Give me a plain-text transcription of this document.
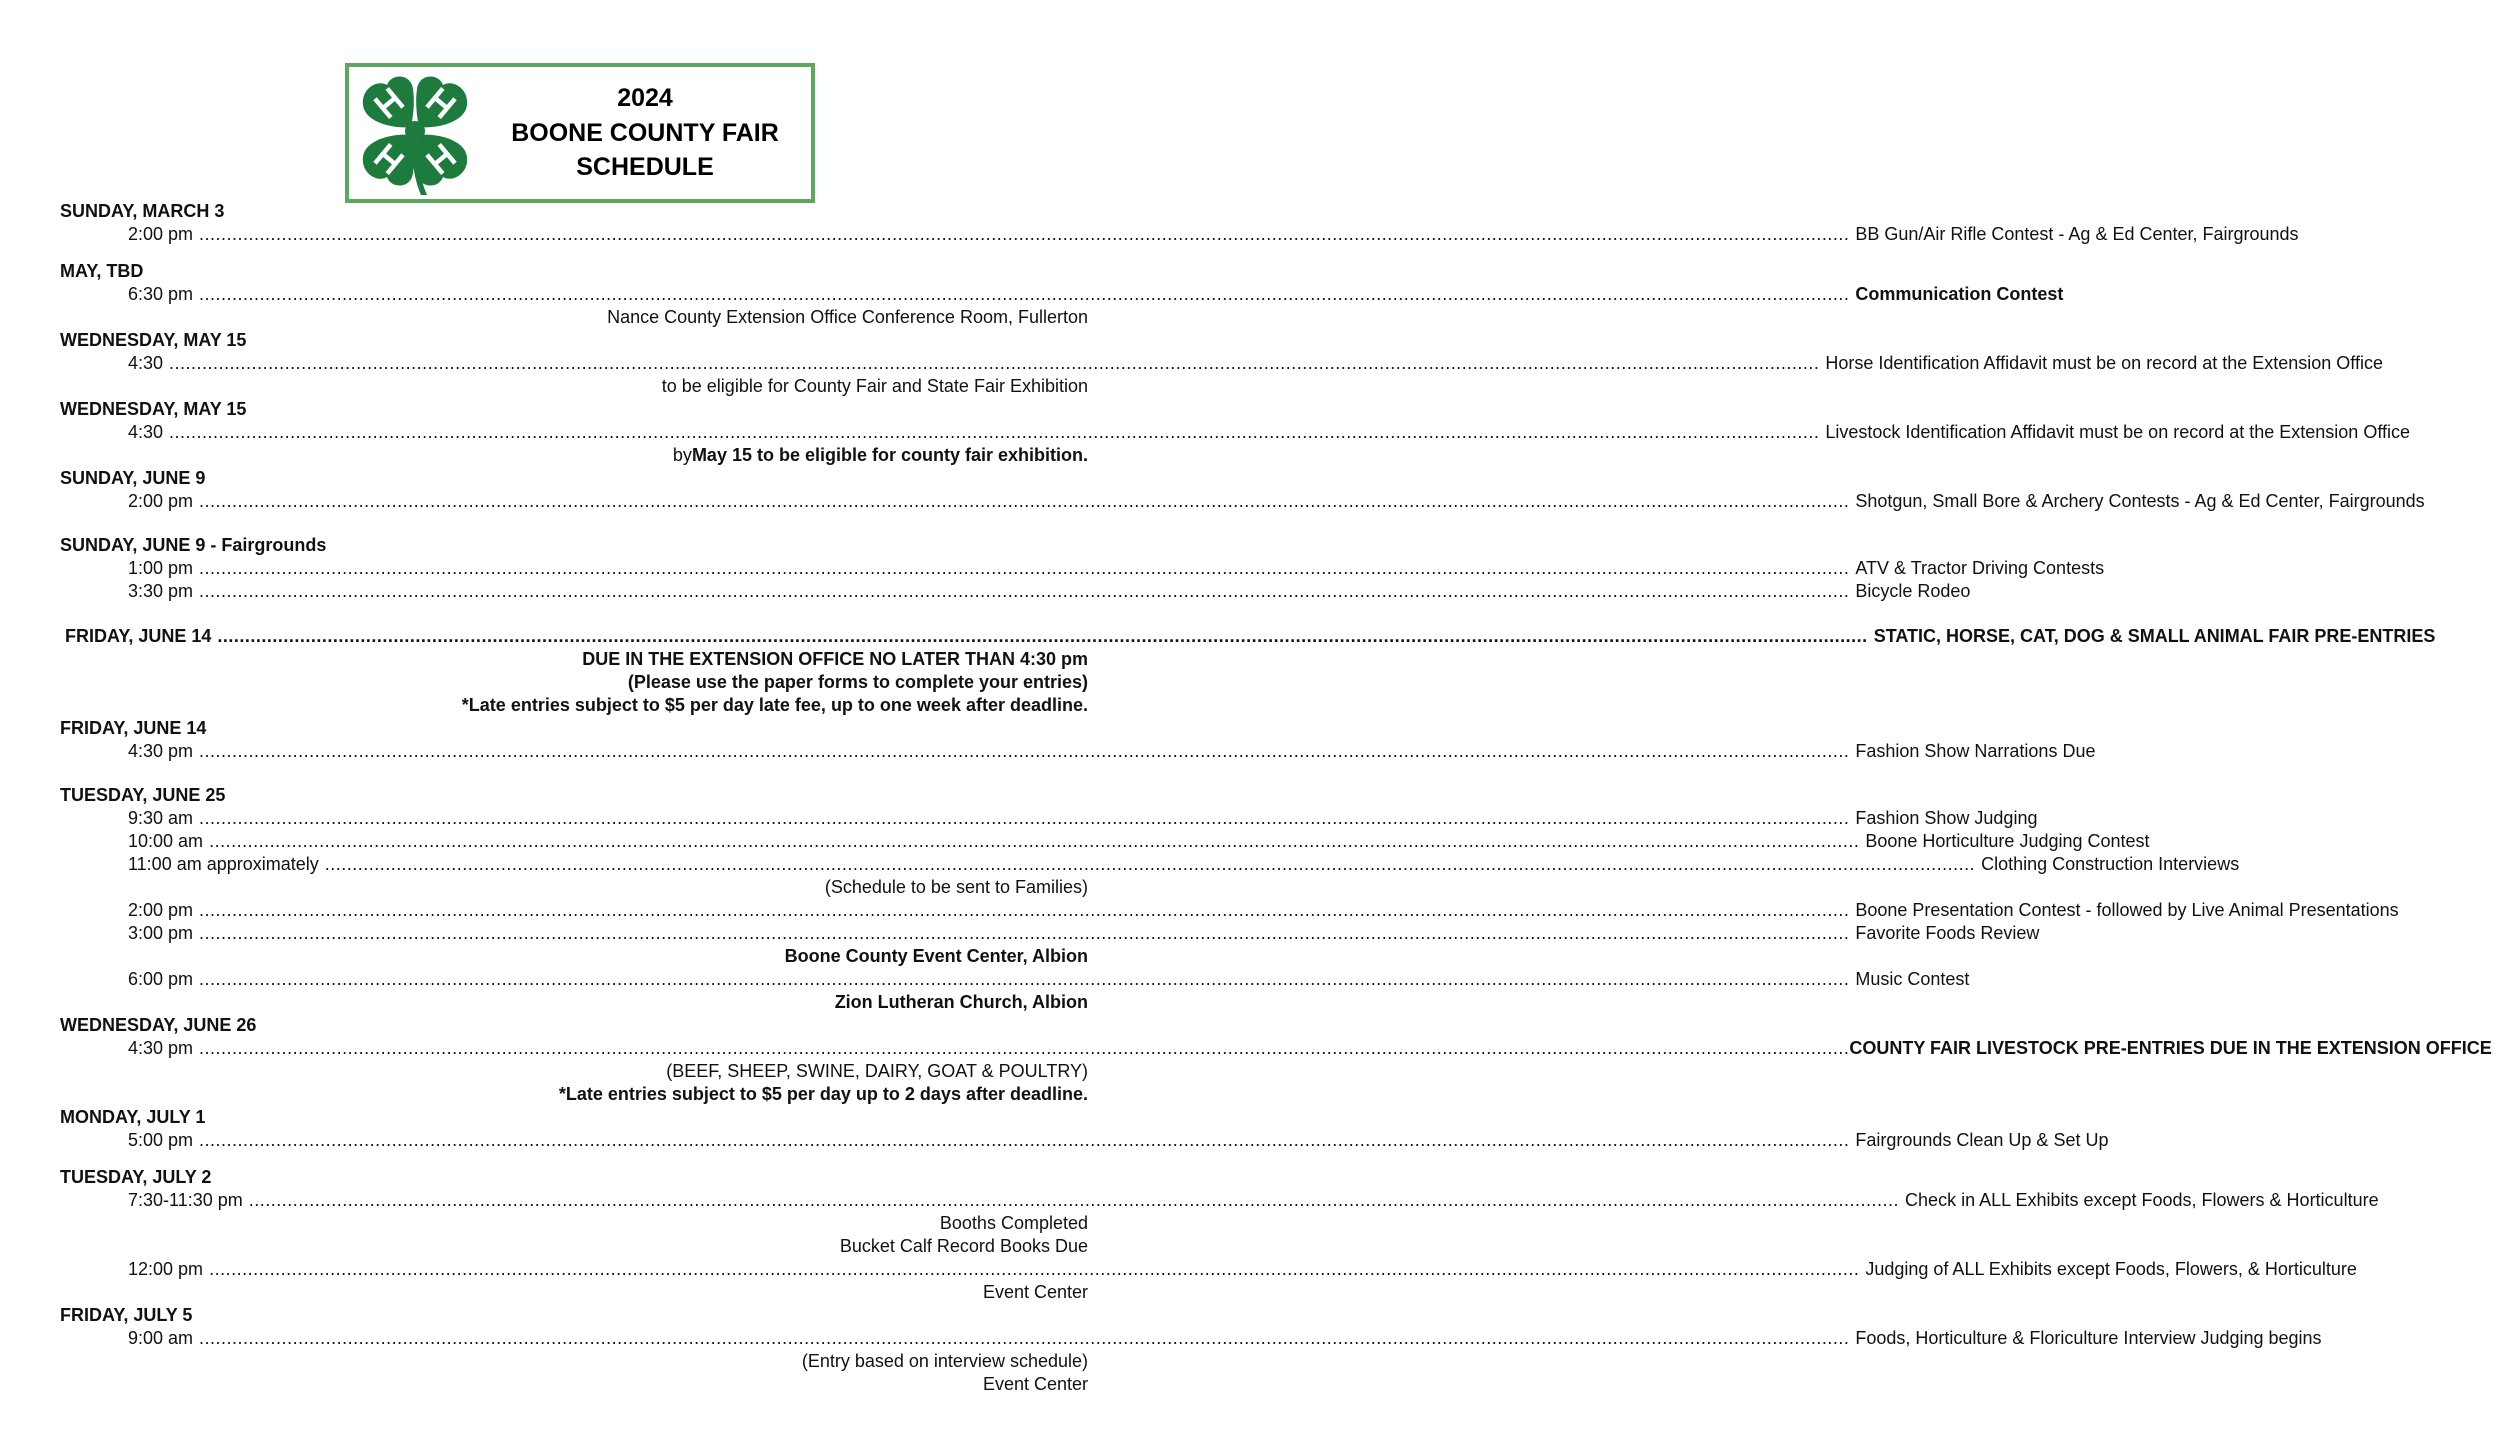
2024
BOONE COUNTY FAIR
SCHEDULE
SUNDAY, MARCH 3
2:00 pm ............................................................................................................................................................................................................................................................................................................ BB Gun/Air Rifle Contest - Ag & Ed Center, Fairgrounds
MAY, TBD
6:30 pm ............................................................................................................................................................................................................................................................................................................ Communication Contest
Nance County Extension Office Conference Room, Fullerton
WEDNESDAY, MAY 15
4:30 ............................................................................................................................................................................................................................................................................................................ Horse Identification Affidavit must be on record at the Extension Office
to be eligible for County Fair and State Fair Exhibition
WEDNESDAY, MAY 15
4:30 ............................................................................................................................................................................................................................................................................................................ Livestock Identification Affidavit must be on record at the Extension Office
by May 15 to be eligible for county fair exhibition.
SUNDAY, JUNE 9
2:00 pm ............................................................................................................................................................................................................................................................................................................ Shotgun, Small Bore & Archery Contests - Ag & Ed Center, Fairgrounds
SUNDAY, JUNE 9 - Fairgrounds
1:00 pm ............................................................................................................................................................................................................................................................................................................ ATV & Tractor Driving Contests
3:30 pm ............................................................................................................................................................................................................................................................................................................ Bicycle Rodeo
FRIDAY, JUNE 14 ............................................................................................................................................................................................................................................................................................................ STATIC, HORSE, CAT, DOG & SMALL ANIMAL FAIR PRE-ENTRIES
DUE IN THE EXTENSION OFFICE NO LATER THAN 4:30 pm
(Please use the paper forms to complete your entries)
*Late entries subject to $5 per day late fee, up to one week after deadline.
FRIDAY, JUNE 14
4:30 pm ............................................................................................................................................................................................................................................................................................................ Fashion Show Narrations Due
TUESDAY, JUNE 25
9:30 am ............................................................................................................................................................................................................................................................................................................ Fashion Show Judging
10:00 am ............................................................................................................................................................................................................................................................................................................ Boone Horticulture Judging Contest
11:00 am approximately ............................................................................................................................................................................................................................................................................................................ Clothing Construction Interviews
(Schedule to be sent to Families)
2:00 pm ............................................................................................................................................................................................................................................................................................................ Boone Presentation Contest - followed by Live Animal Presentations
3:00 pm ............................................................................................................................................................................................................................................................................................................ Favorite Foods Review
Boone County Event Center, Albion
6:00 pm ............................................................................................................................................................................................................................................................................................................ Music Contest
Zion Lutheran Church, Albion
WEDNESDAY, JUNE 26
4:30 pm ............................................................................................................................................................................................................................................................................................................ COUNTY FAIR LIVESTOCK PRE-ENTRIES DUE IN THE EXTENSION OFFICE
(BEEF, SHEEP, SWINE, DAIRY, GOAT & POULTRY)
*Late entries subject to $5 per day up to 2 days after deadline.
MONDAY, JULY 1
5:00 pm ............................................................................................................................................................................................................................................................................................................ Fairgrounds Clean Up & Set Up
TUESDAY, JULY 2
7:30-11:30 pm ............................................................................................................................................................................................................................................................................................................ Check in ALL Exhibits except Foods, Flowers & Horticulture
Booths Completed
Bucket Calf Record Books Due
12:00 pm ............................................................................................................................................................................................................................................................................................................ Judging of ALL Exhibits except Foods, Flowers, & Horticulture
Event Center
FRIDAY, JULY 5
9:00 am ............................................................................................................................................................................................................................................................................................................ Foods, Horticulture & Floriculture Interview Judging begins
(Entry based on interview schedule)
Event Center
